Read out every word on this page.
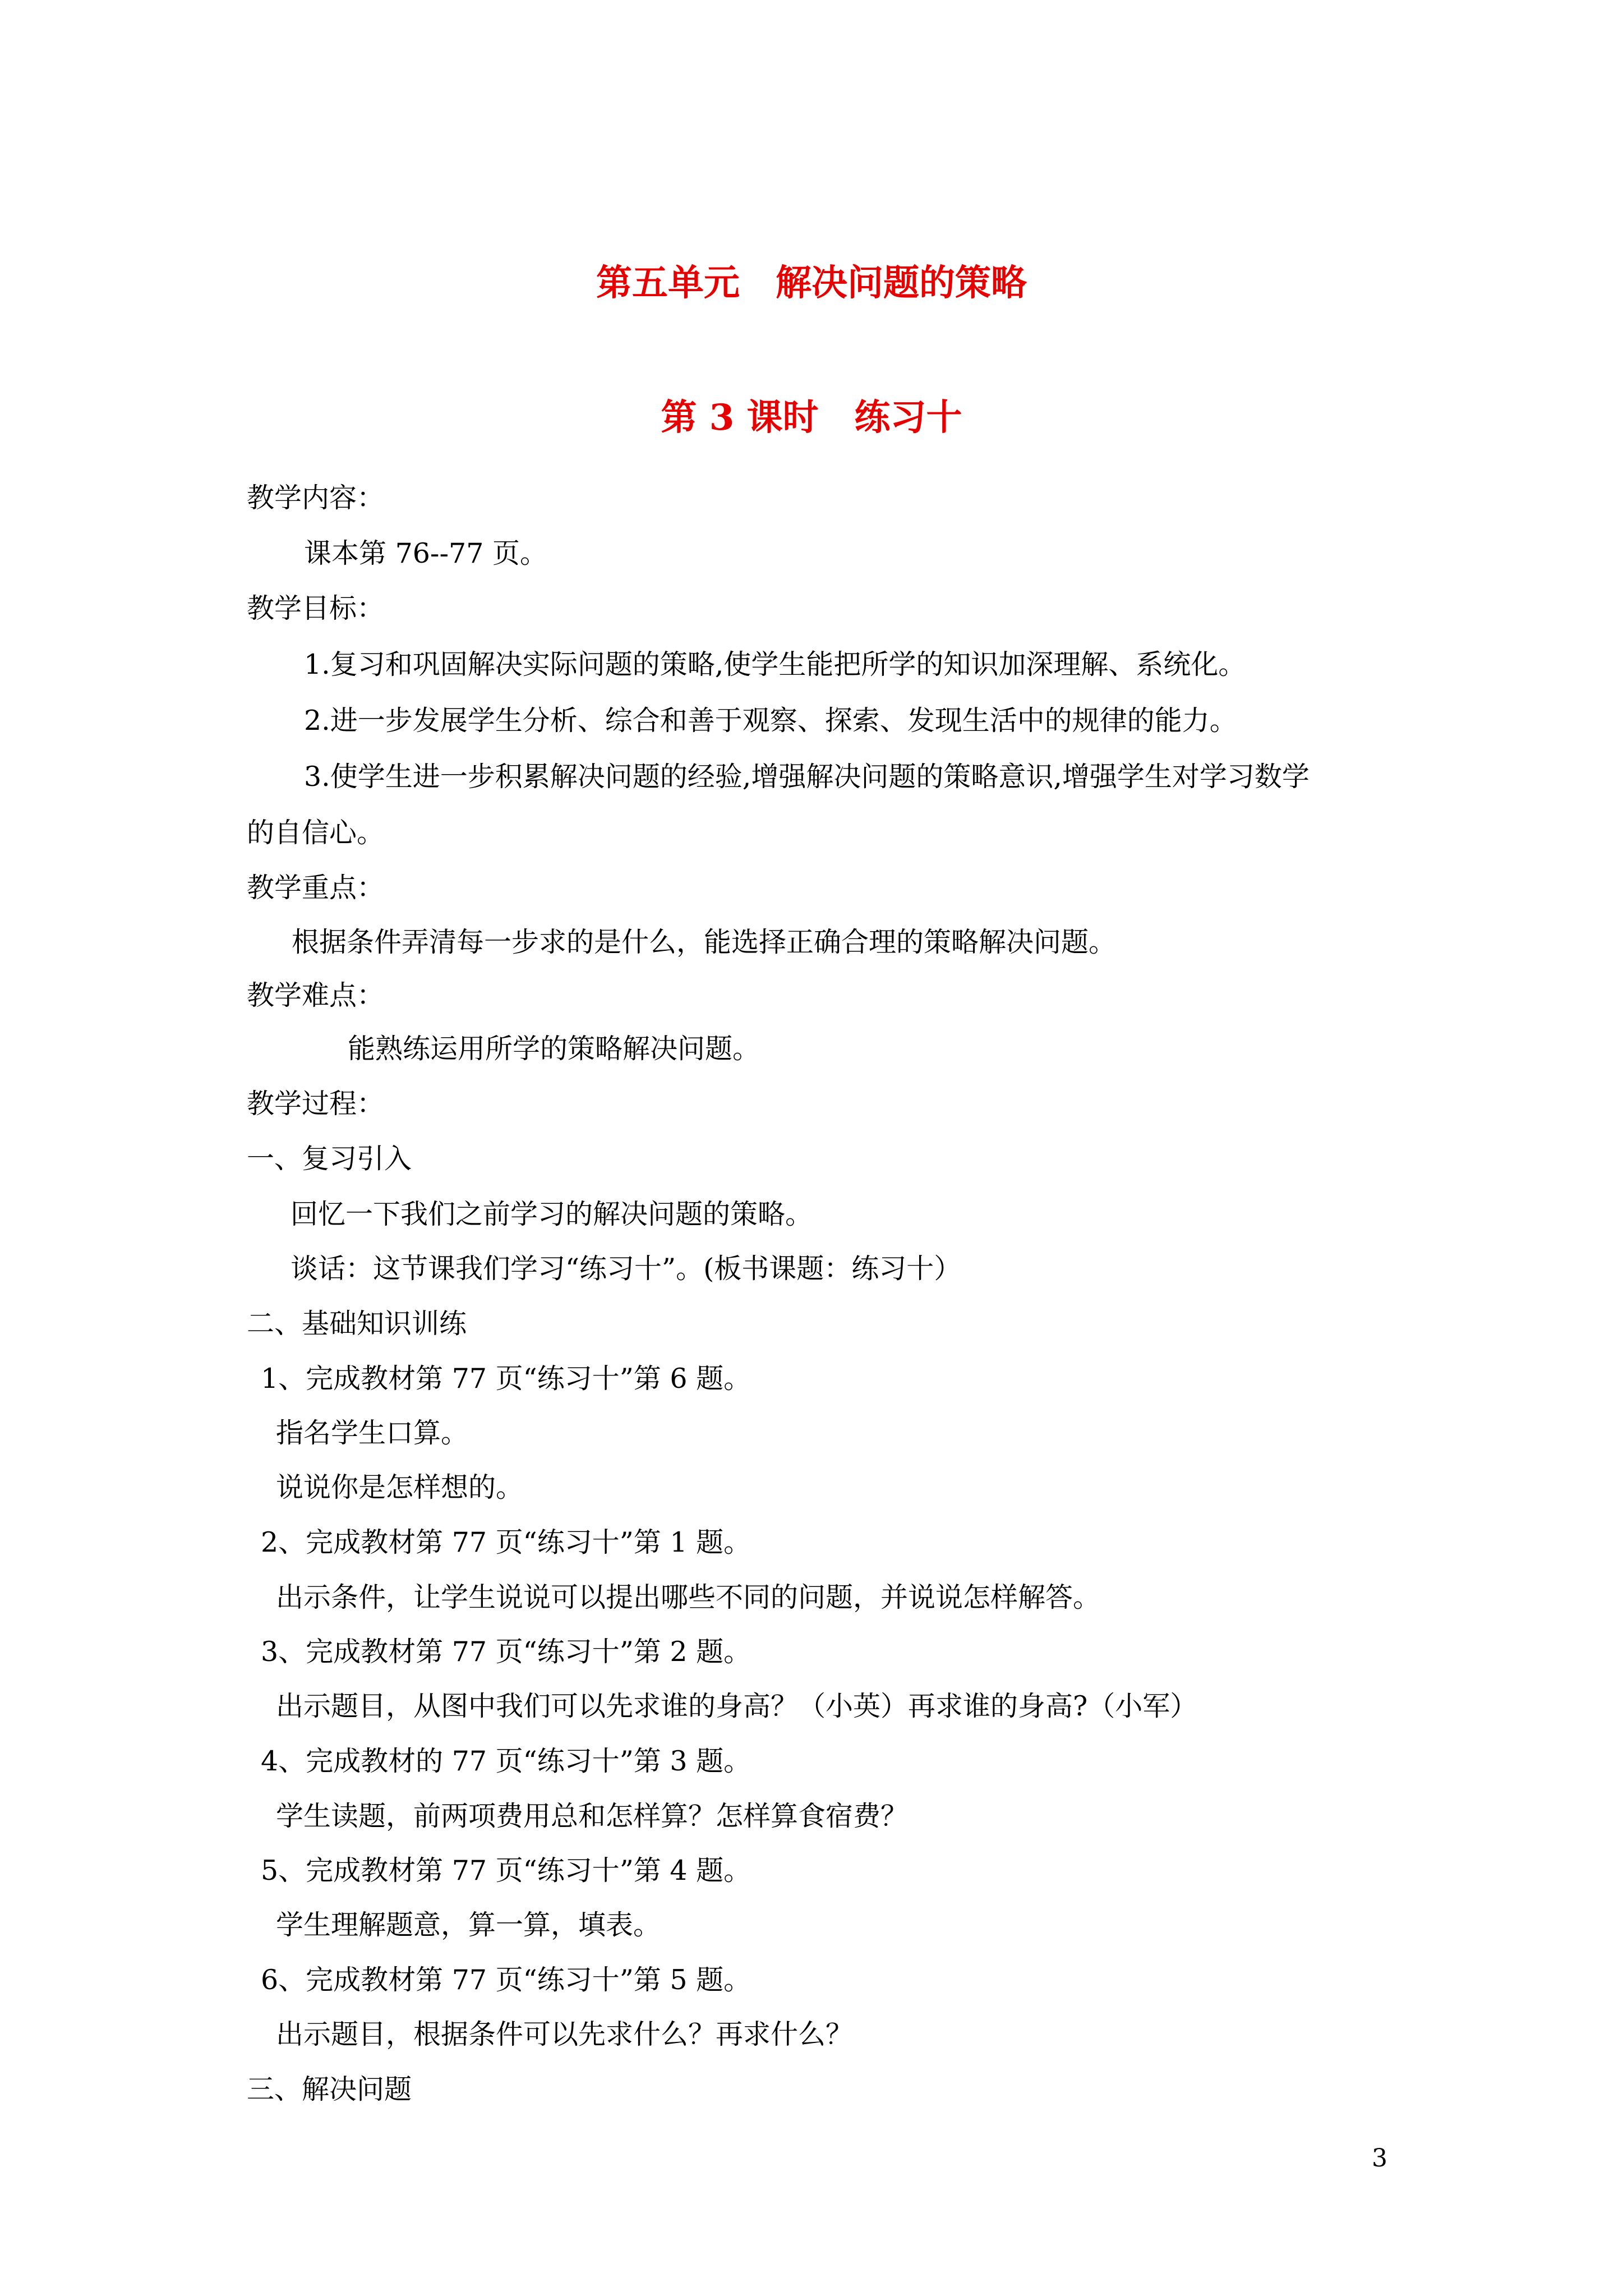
第五单元　解决问题的策略
第 3 课时　练习十
教学内容：
课本第 76--77 页。
教学目标：
1.复习和巩固解决实际问题的策略,使学生能把所学的知识加深理解、系统化。
2.进一步发展学生分析、综合和善于观察、探索、发现生活中的规律的能力。
3.使学生进一步积累解决问题的经验,增强解决问题的策略意识,增强学生对学习数学
的自信心。
教学重点：
根据条件弄清每一步求的是什么，能选择正确合理的策略解决问题。
教学难点：
能熟练运用所学的策略解决问题。
教学过程：
一、复习引入
回忆一下我们之前学习的解决问题的策略。
谈话：这节课我们学习“练习十”。(板书课题：练习十）
二、基础知识训练
1、完成教材第 77 页“练习十”第 6 题。
指名学生口算。
说说你是怎样想的。
2、完成教材第 77 页“练习十”第 1 题。
出示条件，让学生说说可以提出哪些不同的问题，并说说怎样解答。
3、完成教材第 77 页“练习十”第 2 题。
出示题目，从图中我们可以先求谁的身高？（小英）再求谁的身高?（小军）
4、完成教材的 77 页“练习十”第 3 题。
学生读题，前两项费用总和怎样算？怎样算食宿费？
5、完成教材第 77 页“练习十”第 4 题。
学生理解题意，算一算，填表。
6、完成教材第 77 页“练习十”第 5 题。
出示题目，根据条件可以先求什么？再求什么？
三、解决问题
3
